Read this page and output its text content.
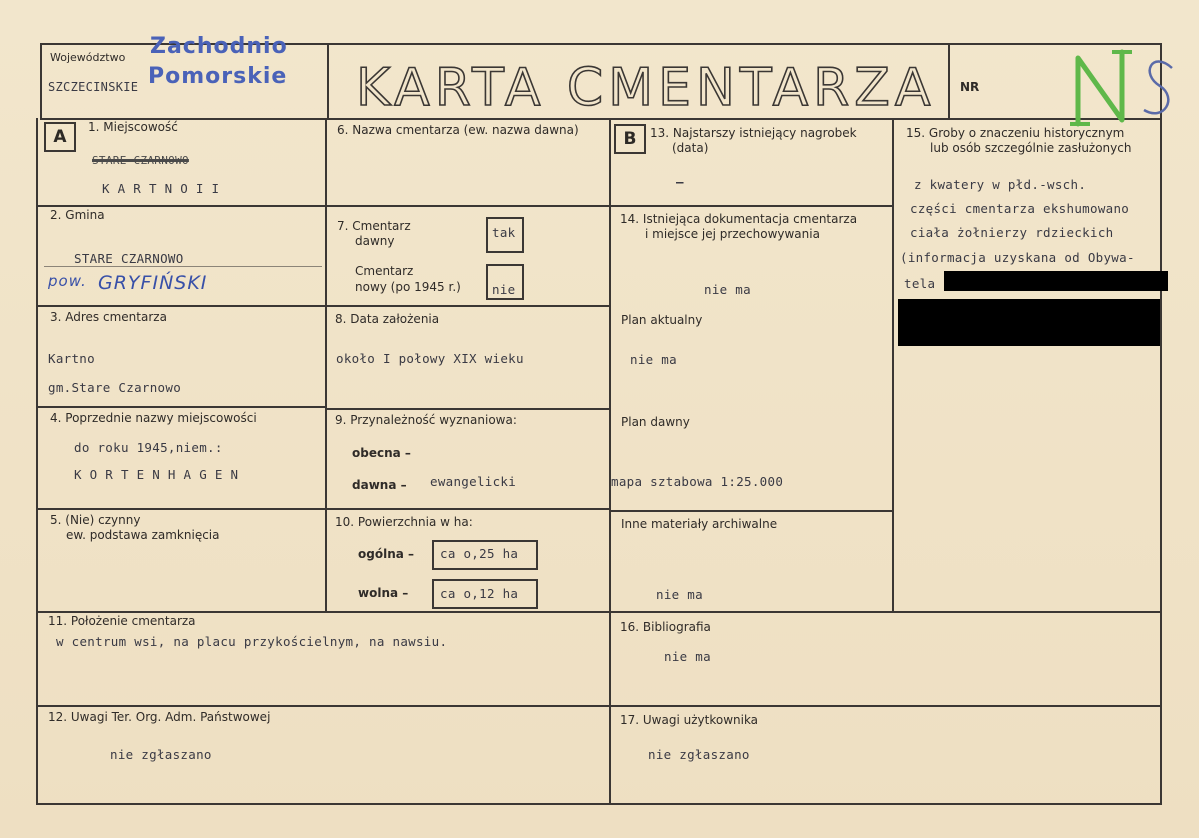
Województwo
SZCZECINSKIE
Zachodnio
Pomorskie KARTA CMENTARZA NR
A	B
1. Miejscowość
STARE CZARNOWO
K A R T N O I I
2. Gmina
STARE CZARNOWO
pow. GRYFIŃSKI
3. Adres cmentarza
Kartno
gm.Stare Czarnowo
4. Poprzednie nazwy miejscowości
do roku 1945,niem.:
K O R T E N H A G E N
5. (Nie) czynny
ew. podstawa zamknięcia
6. Nazwa cmentarza (ew. nazwa dawna)
7. Cmentarz
dawny
tak
Cmentarz
nowy (po 1945 r.) nie
8. Data założenia
około I połowy XIX wieku
9. Przynależność wyznaniowa:
obecna –
dawna – ewangelicki
10. Powierzchnia w ha:
ogólna – ca o,25 ha
wolna –	ca o,12 ha
11. Położenie cmentarza
w centrum wsi, na placu przykościelnym, na nawsiu.
12. Uwagi Ter. Org. Adm. Państwowej
nie zgłaszano
13. Najstarszy istniejący nagrobek
(data)
—
14. Istniejąca dokumentacja cmentarza
i miejsce jej przechowywania
nie ma
Plan aktualny
nie ma
Plan dawny
mapa sztabowa 1:25.000
Inne materiały archiwalne
nie ma
15. Groby o znaczeniu historycznym
lub osób szczególnie zasłużonych
z kwatery w płd.-wsch.
części cmentarza ekshumowano
ciała żołnierzy rdzieckich
(informacja uzyskana od Obywa-
tela
16. Bibliografia
nie ma
17. Uwagi użytkownika
nie zgłaszano
